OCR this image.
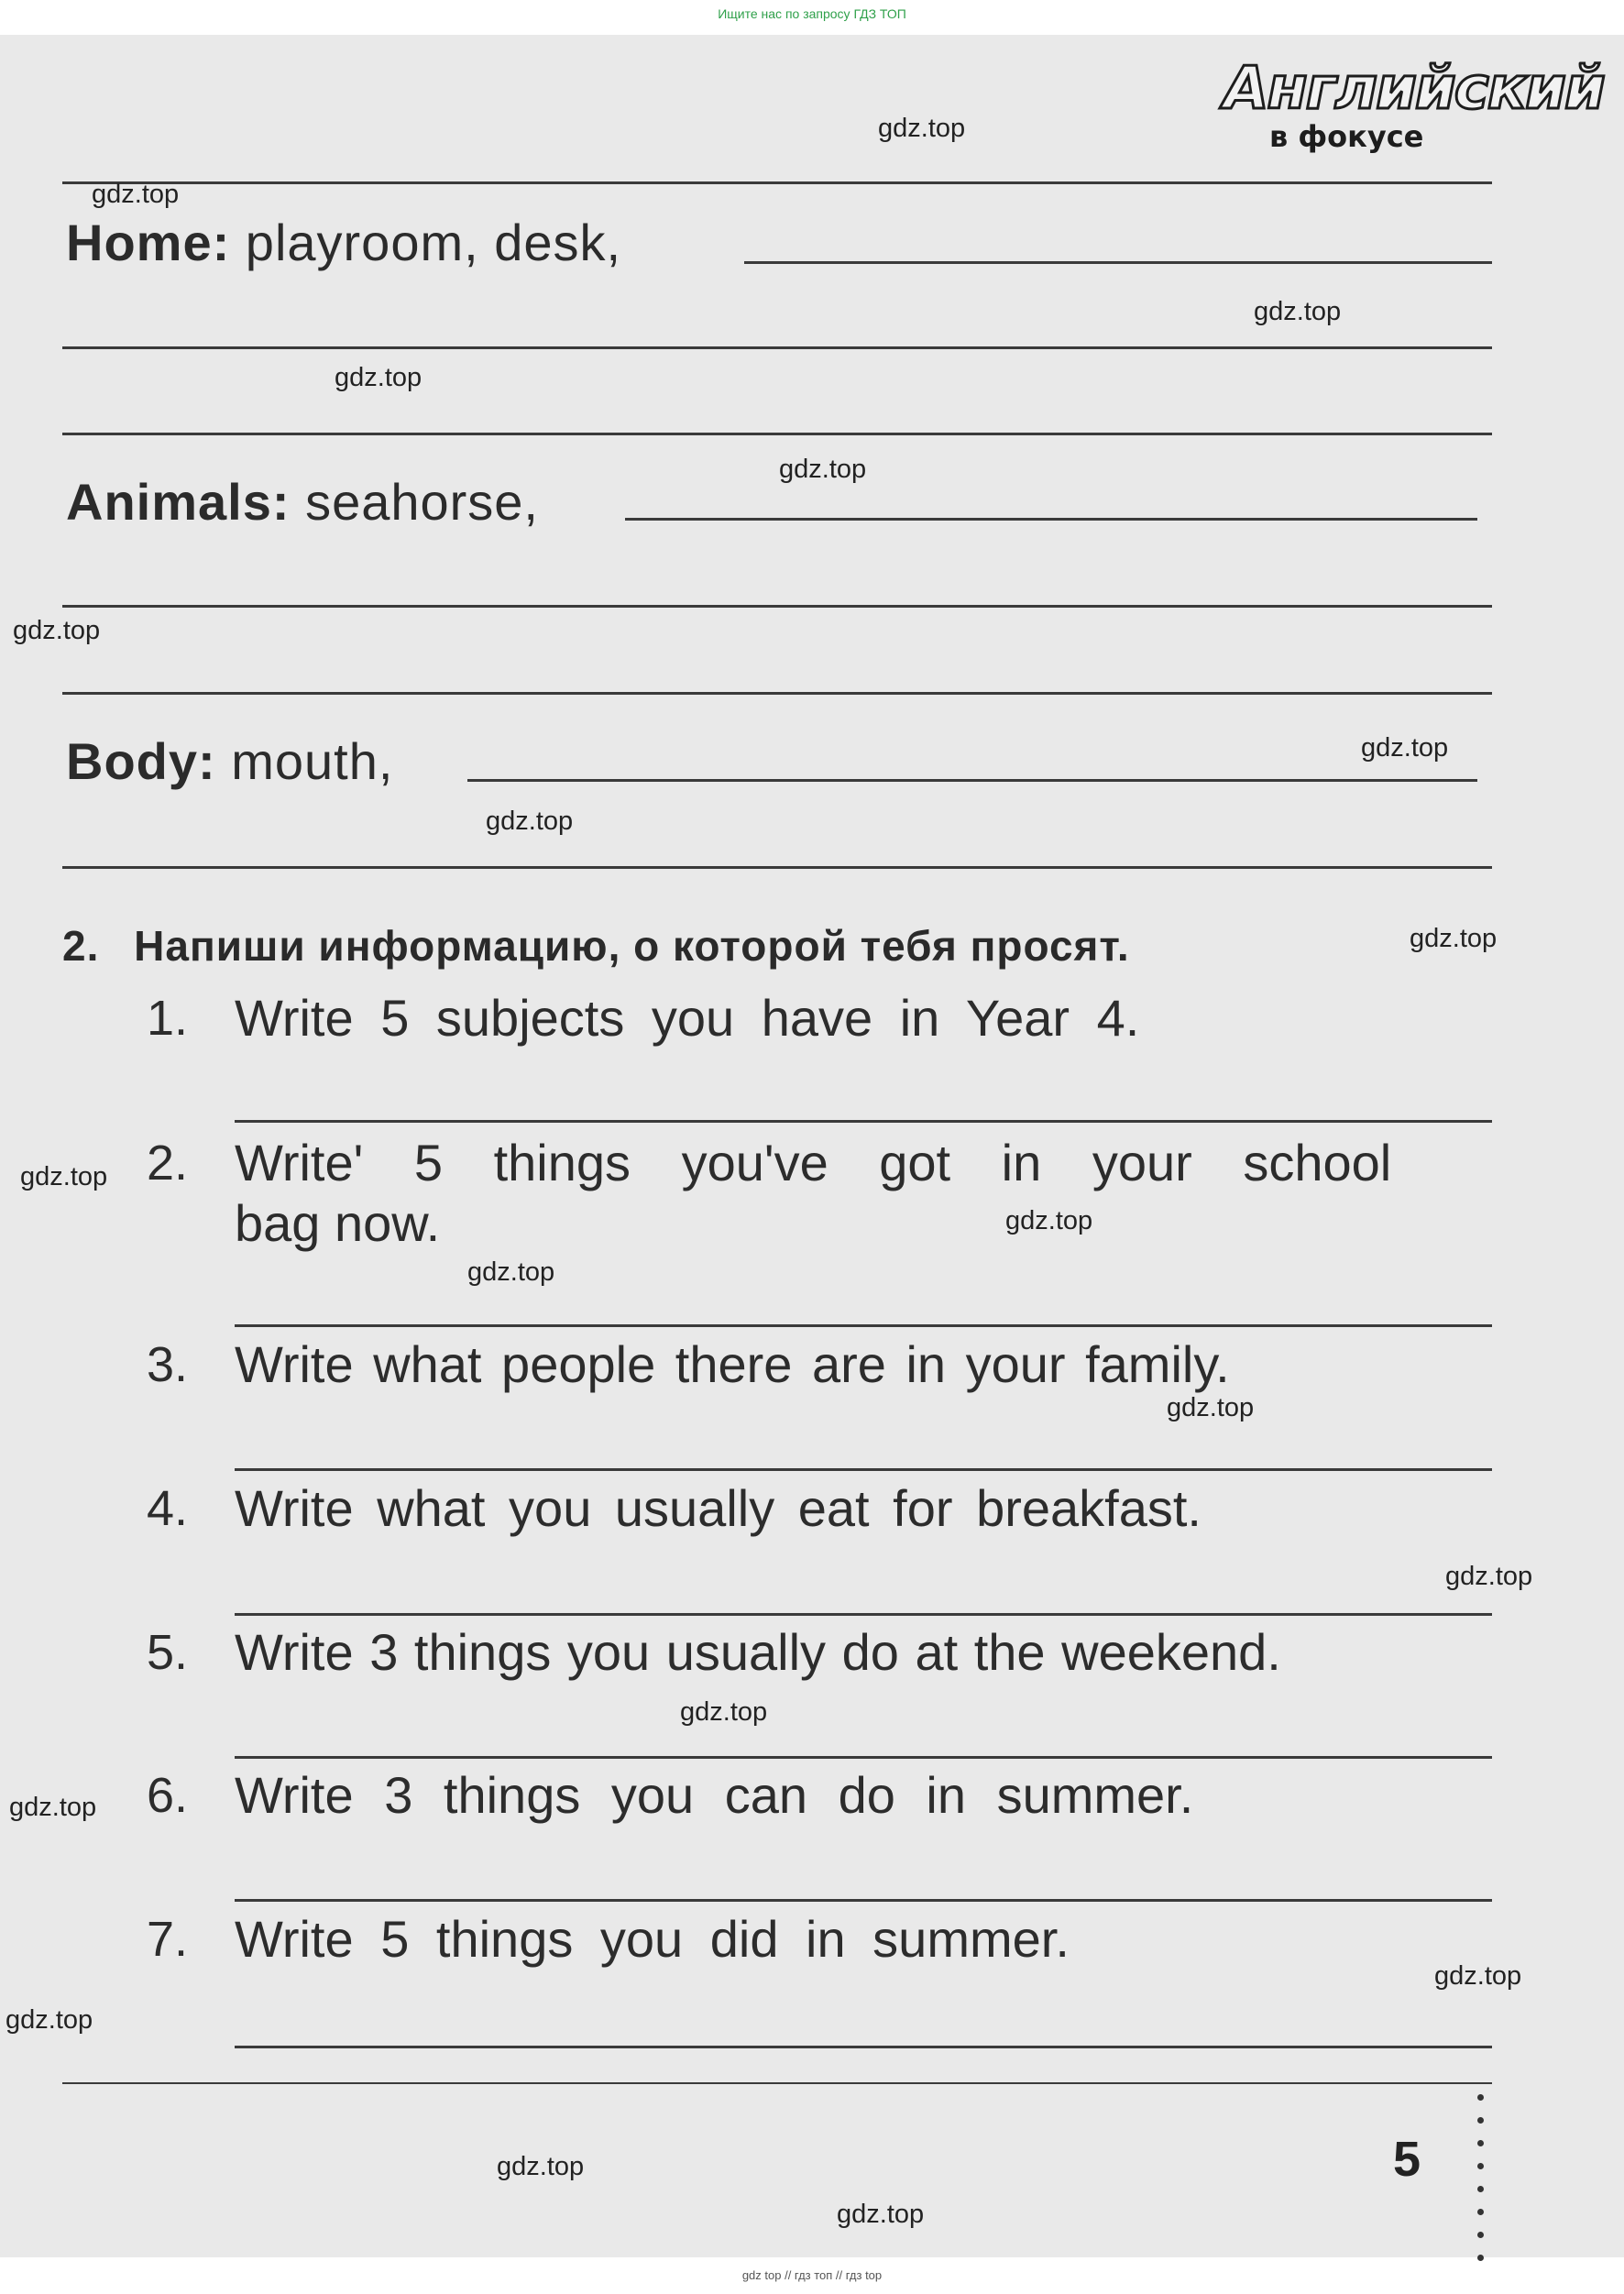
Ищите нас по запросу ГДЗ ТОП
Английский
в фокусе
Home: playroom, desk,
Animals: seahorse,
Body: mouth,
2. Напиши информацию, о которой тебя просят.
1. Write 5 subjects you have in Year 4.
2. Write' 5 things you've got in your school
bag now.
3. Write what people there are in your family.
4. Write what you usually eat for breakfast.
5. Write 3 things you usually do at the weekend.
6. Write 3 things you can do in summer.
7. Write 5 things you did in summer.
5
gdz.top
gdz.top
gdz.top
gdz.top
gdz.top
gdz.top
gdz.top
gdz.top
gdz.top
gdz.top
gdz.top
gdz.top
gdz.top
gdz.top
gdz.top
gdz.top
gdz.top
gdz.top
gdz.top
gdz.top
gdz top // гдз топ // гдз top
